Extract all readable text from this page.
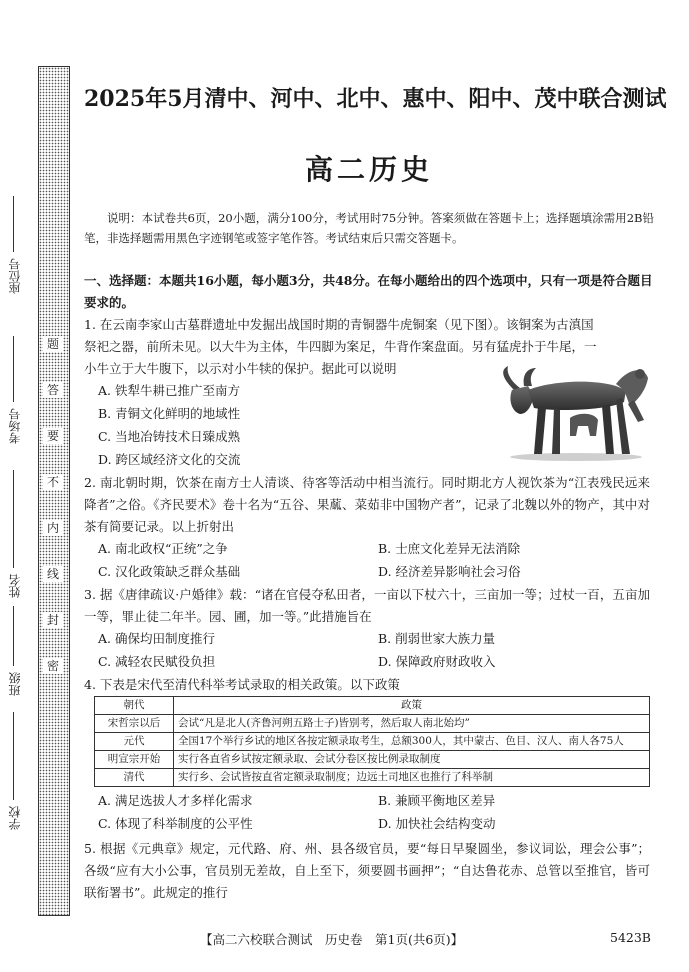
题
答
要
不
内
线
封
密
座位号
考场号
姓名
班级
学校
2025年5月清中、河中、北中、惠中、阳中、茂中联合测试
高二历史
说明：本试卷共6页，20小题，满分100分，考试用时75分钟。答案须做在答题卡上；选择题填涂需用2B铅笔，非选择题需用黑色字迹钢笔或签字笔作答。考试结束后只需交答题卡。
一、选择题：本题共16小题，每小题3分，共48分。在每小题给出的四个选项中，只有一项是符合题目要求的。
1. 在云南李家山古墓群遗址中发掘出战国时期的青铜器牛虎铜案（见下图）。该铜案为古滇国
祭祀之器，前所未见。以大牛为主体，牛四脚为案足，牛背作案盘面。另有猛虎扑于牛尾，一
小牛立于大牛腹下，以示对小牛犊的保护。据此可以说明
A. 铁犁牛耕已推广至南方
B. 青铜文化鲜明的地域性
C. 当地冶铸技术日臻成熟
D. 跨区域经济文化的交流
2. 南北朝时期，饮茶在南方士人清谈、待客等活动中相当流行。同时期北方人视饮茶为“江表残民远来降者”之俗。《齐民要术》卷十名为“五谷、果蓏、菜茹非中国物产者”，记录了北魏以外的物产，其中对茶有简要记录。以上折射出
A. 南北政权“正统”之争	B. 士庶文化差异无法消除
C. 汉化政策缺乏群众基础	D. 经济差异影响社会习俗
3. 据《唐律疏议·户婚律》载：“诸在官侵夺私田者，一亩以下杖六十，三亩加一等；过杖一百，五亩加一等，罪止徒二年半。园、圃，加一等。”此措施旨在
A. 确保均田制度推行	B. 削弱世家大族力量
C. 减轻农民赋役负担	D. 保障政府财政收入
4. 下表是宋代至清代科举考试录取的相关政策。以下政策
朝代	政策
宋哲宗以后	会试“凡是北人(齐鲁河朔五路士子)皆别考，然后取人南北始均”
元代	全国17个举行乡试的地区各按定额录取考生，总额300人，其中蒙古、色目、汉人、南人各75人
明宣宗开始	实行各直省乡试按定额录取、会试分卷区按比例录取制度
清代	实行乡、会试皆按直省定额录取制度；边远土司地区也推行了科举制
A. 满足选拔人才多样化需求	B. 兼顾平衡地区差异
C. 体现了科举制度的公平性	D. 加快社会结构变动
5. 根据《元典章》规定，元代路、府、州、县各级官员，要“每日早聚圆坐，参议词讼，理会公事”；各级“应有大小公事，官员别无差故，自上至下，须要圆书画押”；“自达鲁花赤、总管以至推官，皆可联衔署书”。此规定的推行
【高二六校联合测试　历史卷　第1页(共6页)】	5423B
